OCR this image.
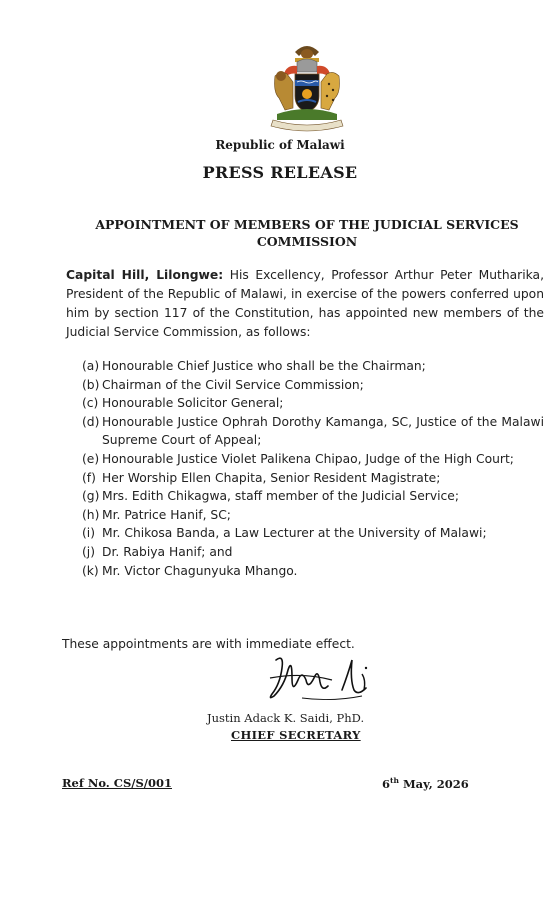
Republic of Malawi
PRESS RELEASE
APPOINTMENT OF MEMBERS OF THE JUDICIAL SERVICES COMMISSION
Capital Hill, Lilongwe: His Excellency, Professor Arthur Peter Mutharika, President of the Republic of Malawi, in exercise of the powers conferred upon him by section 117 of the Constitution, has appointed new members of the Judicial Service Commission, as follows:
(a) Honourable Chief Justice who shall be the Chairman;
(b) Chairman of the Civil Service Commission;
(c) Honourable Solicitor General;
(d) Honourable Justice Ophrah Dorothy Kamanga, SC, Justice of the Malawi Supreme Court of Appeal;
(e) Honourable Justice Violet Palikena Chipao, Judge of the High Court;
(f) Her Worship Ellen Chapita, Senior Resident Magistrate;
(g) Mrs. Edith Chikagwa, staff member of the Judicial Service;
(h) Mr. Patrice Hanif, SC;
(i) Mr. Chikosa Banda, a Law Lecturer at the University of Malawi;
(j) Dr. Rabiya Hanif; and
(k) Mr. Victor Chagunyuka Mhango.
These appointments are with immediate effect.
Justin Adack K. Saidi, PhD.
CHIEF SECRETARY
Ref No. CS/S/001	6th May, 2026
